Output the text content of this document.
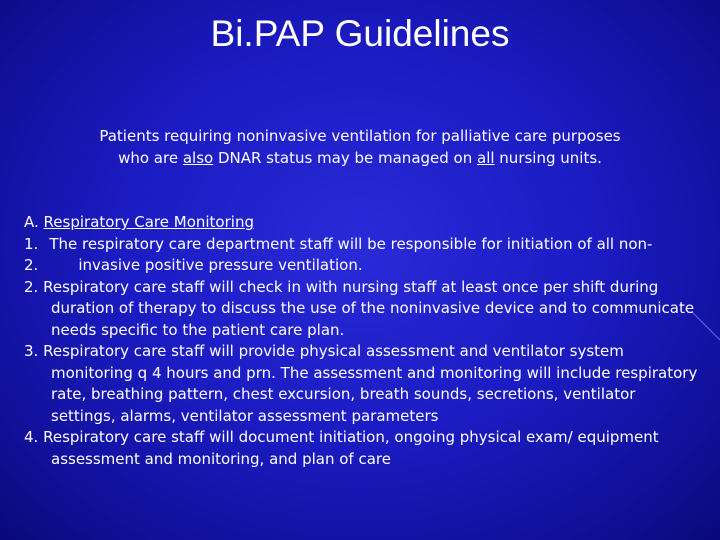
Bi.PAP Guidelines
Patients requiring noninvasive ventilation for palliative care purposes
who are also DNAR status may be managed on all nursing units.
A. Respiratory Care Monitoring
1. The respiratory care department staff will be responsible for initiation of all non-
2.	invasive positive pressure ventilation.
2. Respiratory care staff will check in with nursing staff at least once per shift during duration of therapy to discuss the use of the noninvasive device and to communicate needs specific to the patient care plan.
3. Respiratory care staff will provide physical assessment and ventilator system monitoring q 4 hours and prn. The assessment and monitoring will include respiratory rate, breathing pattern, chest excursion, breath sounds, secretions, ventilator settings, alarms, ventilator assessment parameters
4. Respiratory care staff will document initiation, ongoing physical exam/ equipment assessment and monitoring, and plan of care
